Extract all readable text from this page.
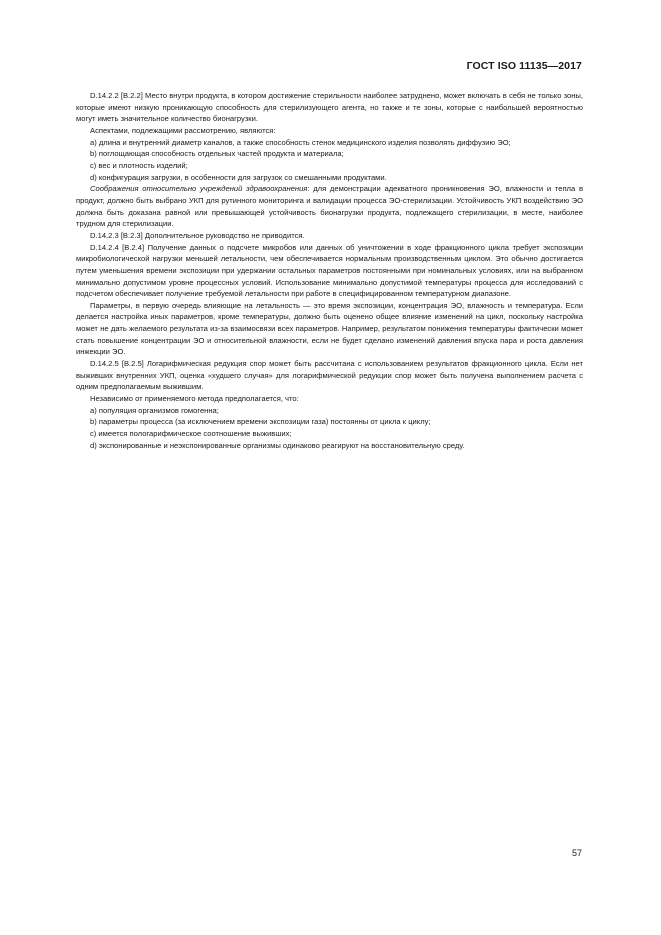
ГОСТ ISO 11135—2017

D.14.2.2 [B.2.2] Место внутри продукта, в котором достижение стерильности наиболее затруднено, может включать в себя не только зоны, которые имеют низкую проникающую способность для стерилизующего агента, но также и те зоны, которые с наибольшей вероятностью могут иметь значительное количество бионагрузки.

Аспектами, подлежащими рассмотрению, являются:

a) длина и внутренний диаметр каналов, а также способность стенок медицинского изделия позволять диффузию ЭО;

b) поглощающая способность отдельных частей продукта и материала;

c) вес и плотность изделий;

d) конфигурация загрузки, в особенности для загрузок со смешанными продуктами.

Соображения относительно учреждений здравоохранения: для демонстрации адекватного проникновения ЭО, влажности и тепла в продукт, должно быть выбрано УКП для рутинного мониторинга и валидации процесса ЭО-стерилизации. Устойчивость УКП воздействию ЭО должна быть доказана равной или превышающей устойчивость бионагрузки продукта, подлежащего стерилизации, в месте, наиболее трудном для стерилизации.

D.14.2.3 [B.2.3] Дополнительное руководство не приводится.

D.14.2.4 [B.2.4] Получение данных о подсчете микробов или данных об уничтожении в ходе фракционного цикла требует экспозиции микробиологической нагрузки меньшей летальности, чем обеспечивается нормальным производственным циклом. Это обычно достигается путем уменьшения времени экспозиции при удержании остальных параметров постоянными при номинальных условиях, или на выбранном минимально допустимом уровне процессных условий. Использование минимально допустимой температуры процесса для исследований с подсчетом обеспечивает получение требуемой летальности при работе в специфицированном температурном диапазоне.

Параметры, в первую очередь влияющие на летальность — это время экспозиции, концентрация ЭО, влажность и температура. Если делается настройка иных параметров, кроме температуры, должно быть оценено общее влияние изменений на цикл, поскольку настройка может не дать желаемого результата из-за взаимосвязи всех параметров. Например, результатом понижения температуры фактически может стать повышение концентрации ЭО и относительной влажности, если не будет сделано изменений давления впуска пара и роста давления инжекции ЭО.

D.14.2.5 [B.2.5] Логарифмическая редукция спор может быть рассчитана с использованием результатов фракционного цикла. Если нет выживших внутренних УКП, оценка «худшего случая» для логарифмической редукции спор может быть получена выполнением расчета с одним предполагаемым выжившим.

Независимо от применяемого метода предполагается, что:

a) популяция организмов гомогенна;

b) параметры процесса (за исключением времени экспозиции газа) постоянны от цикла к циклу;

c) имеется пологарифмическое соотношение выживших;

d) экспонированные и неэкспонированные организмы одинаково реагируют на восстановительную среду.

57
